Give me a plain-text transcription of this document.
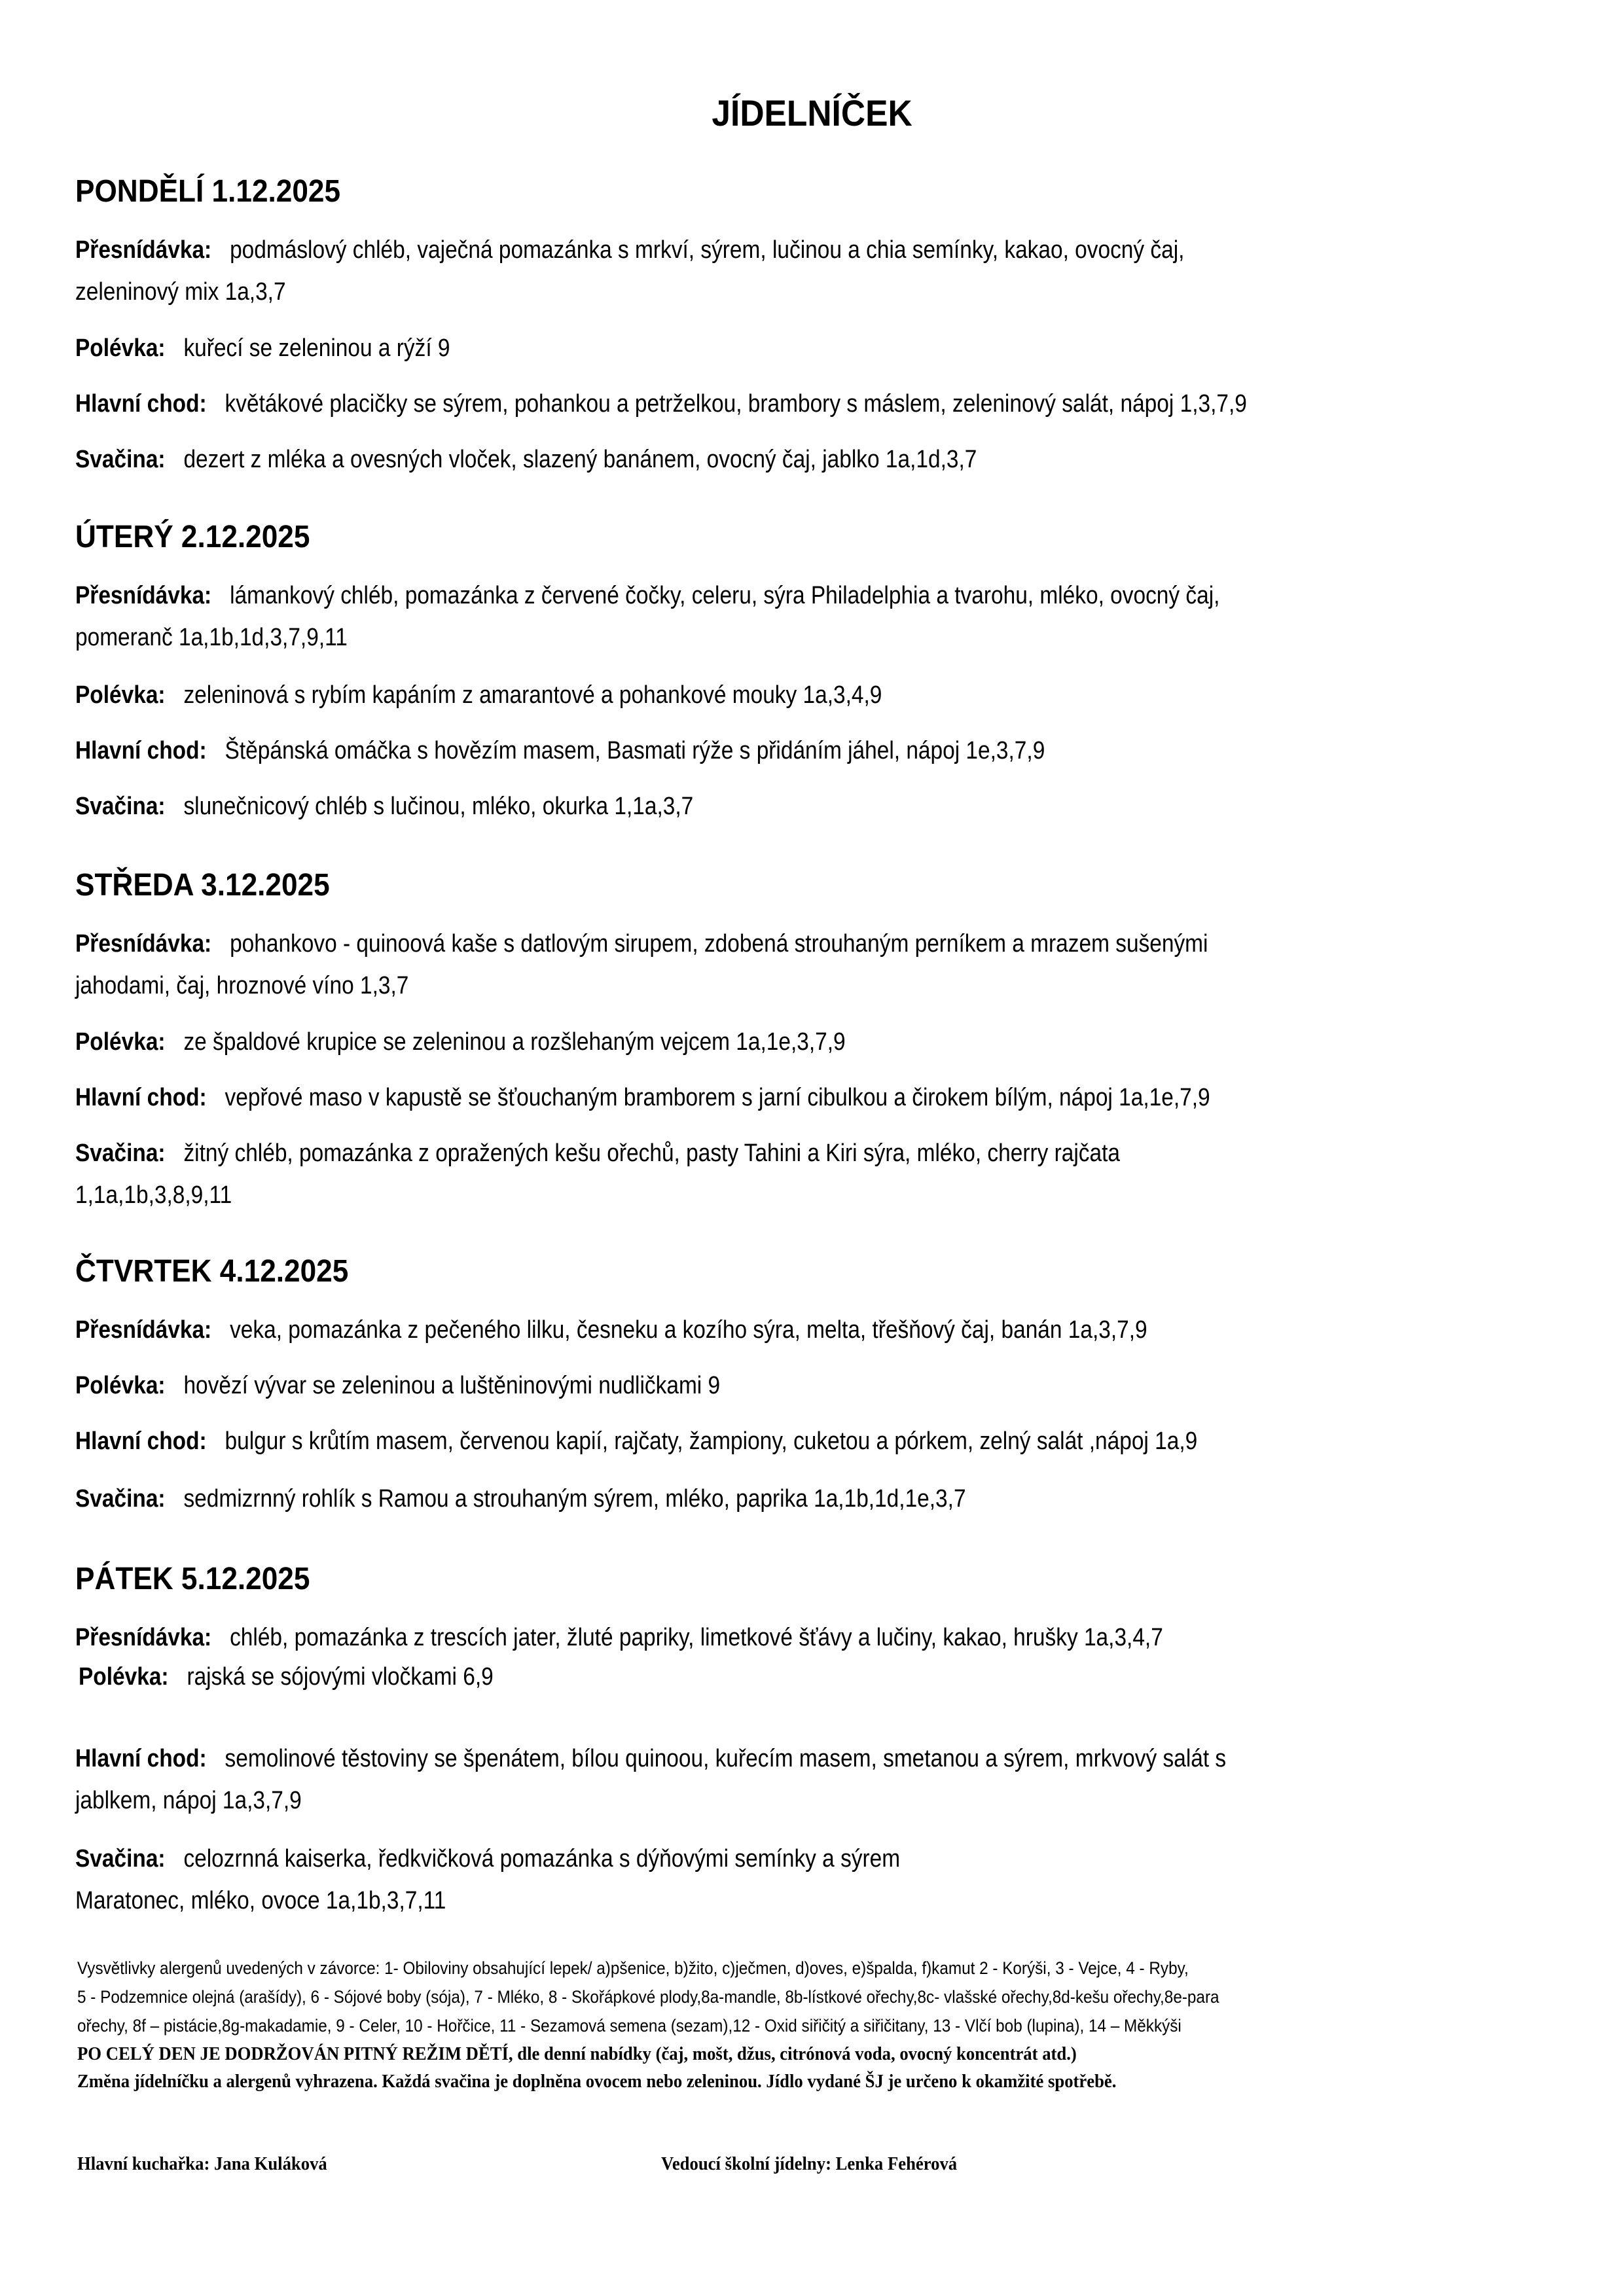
JÍDELNÍČEK
PONDĚLÍ 1.12.2025
Přesnídávka: podmáslový chléb, vaječná pomazánka s mrkví, sýrem, lučinou a chia semínky, kakao, ovocný čaj,
zeleninový mix 1a,3,7
Polévka: kuřecí se zeleninou a rýží 9
Hlavní chod: květákové placičky se sýrem, pohankou a petrželkou, brambory s máslem, zeleninový salát, nápoj 1,3,7,9
Svačina: dezert z mléka a ovesných vloček, slazený banánem, ovocný čaj, jablko 1a,1d,3,7
ÚTERÝ 2.12.2025
Přesnídávka: lámankový chléb, pomazánka z červené čočky, celeru, sýra Philadelphia a tvarohu, mléko, ovocný čaj,
pomeranč 1a,1b,1d,3,7,9,11
Polévka: zeleninová s rybím kapáním z amarantové a pohankové mouky 1a,3,4,9
Hlavní chod: Štěpánská omáčka s hovězím masem, Basmati rýže s přidáním jáhel, nápoj 1e,3,7,9
Svačina: slunečnicový chléb s lučinou, mléko, okurka 1,1a,3,7
STŘEDA 3.12.2025
Přesnídávka: pohankovo - quinoová kaše s datlovým sirupem, zdobená strouhaným perníkem a mrazem sušenými
jahodami, čaj, hroznové víno 1,3,7
Polévka: ze špaldové krupice se zeleninou a rozšlehaným vejcem 1a,1e,3,7,9
Hlavní chod: vepřové maso v kapustě se šťouchaným bramborem s jarní cibulkou a čirokem bílým, nápoj 1a,1e,7,9
Svačina: žitný chléb, pomazánka z opražených kešu ořechů, pasty Tahini a Kiri sýra, mléko, cherry rajčata
1,1a,1b,3,8,9,11
ČTVRTEK 4.12.2025
Přesnídávka: veka, pomazánka z pečeného lilku, česneku a kozího sýra, melta, třešňový čaj, banán 1a,3,7,9
Polévka: hovězí vývar se zeleninou a luštěninovými nudličkami 9
Hlavní chod: bulgur s krůtím masem, červenou kapií, rajčaty, žampiony, cuketou a pórkem, zelný salát ,nápoj 1a,9
Svačina: sedmizrnný rohlík s Ramou a strouhaným sýrem, mléko, paprika 1a,1b,1d,1e,3,7
PÁTEK 5.12.2025
Přesnídávka: chléb, pomazánka z trescích jater, žluté papriky, limetkové šťávy a lučiny, kakao, hrušky 1a,3,4,7
Polévka: rajská se sójovými vločkami 6,9
Hlavní chod: semolinové těstoviny se špenátem, bílou quinoou, kuřecím masem, smetanou a sýrem, mrkvový salát s
jablkem, nápoj 1a,3,7,9
Svačina: celozrnná kaiserka, ředkvičková pomazánka s dýňovými semínky a sýrem
Maratonec, mléko, ovoce 1a,1b,3,7,11
Vysvětlivky alergenů uvedených v závorce: 1- Obiloviny obsahující lepek/ a)pšenice, b)žito, c)ječmen, d)oves, e)špalda, f)kamut 2 - Korýši, 3 - Vejce, 4 - Ryby,
5 - Podzemnice olejná (arašídy), 6 - Sójové boby (sója), 7 - Mléko, 8 - Skořápkové plody,8a-mandle, 8b-lístkové ořechy,8c- vlašské ořechy,8d-kešu ořechy,8e-para
ořechy, 8f – pistácie,8g-makadamie, 9 - Celer, 10 - Hořčice, 11 - Sezamová semena (sezam),12 - Oxid siřičitý a siřičitany, 13 - Vlčí bob (lupina), 14 – Měkkýši
PO CELÝ DEN JE DODRŽOVÁN PITNÝ REŽIM DĚTÍ, dle denní nabídky (čaj, mošt, džus, citrónová voda, ovocný koncentrát atd.)
Změna jídelníčku a alergenů vyhrazena. Každá svačina je doplněna ovocem nebo zeleninou. Jídlo vydané ŠJ je určeno k okamžité spotřebě.
Hlavní kuchařka: Jana Kuláková	Vedoucí školní jídelny: Lenka Fehérová
